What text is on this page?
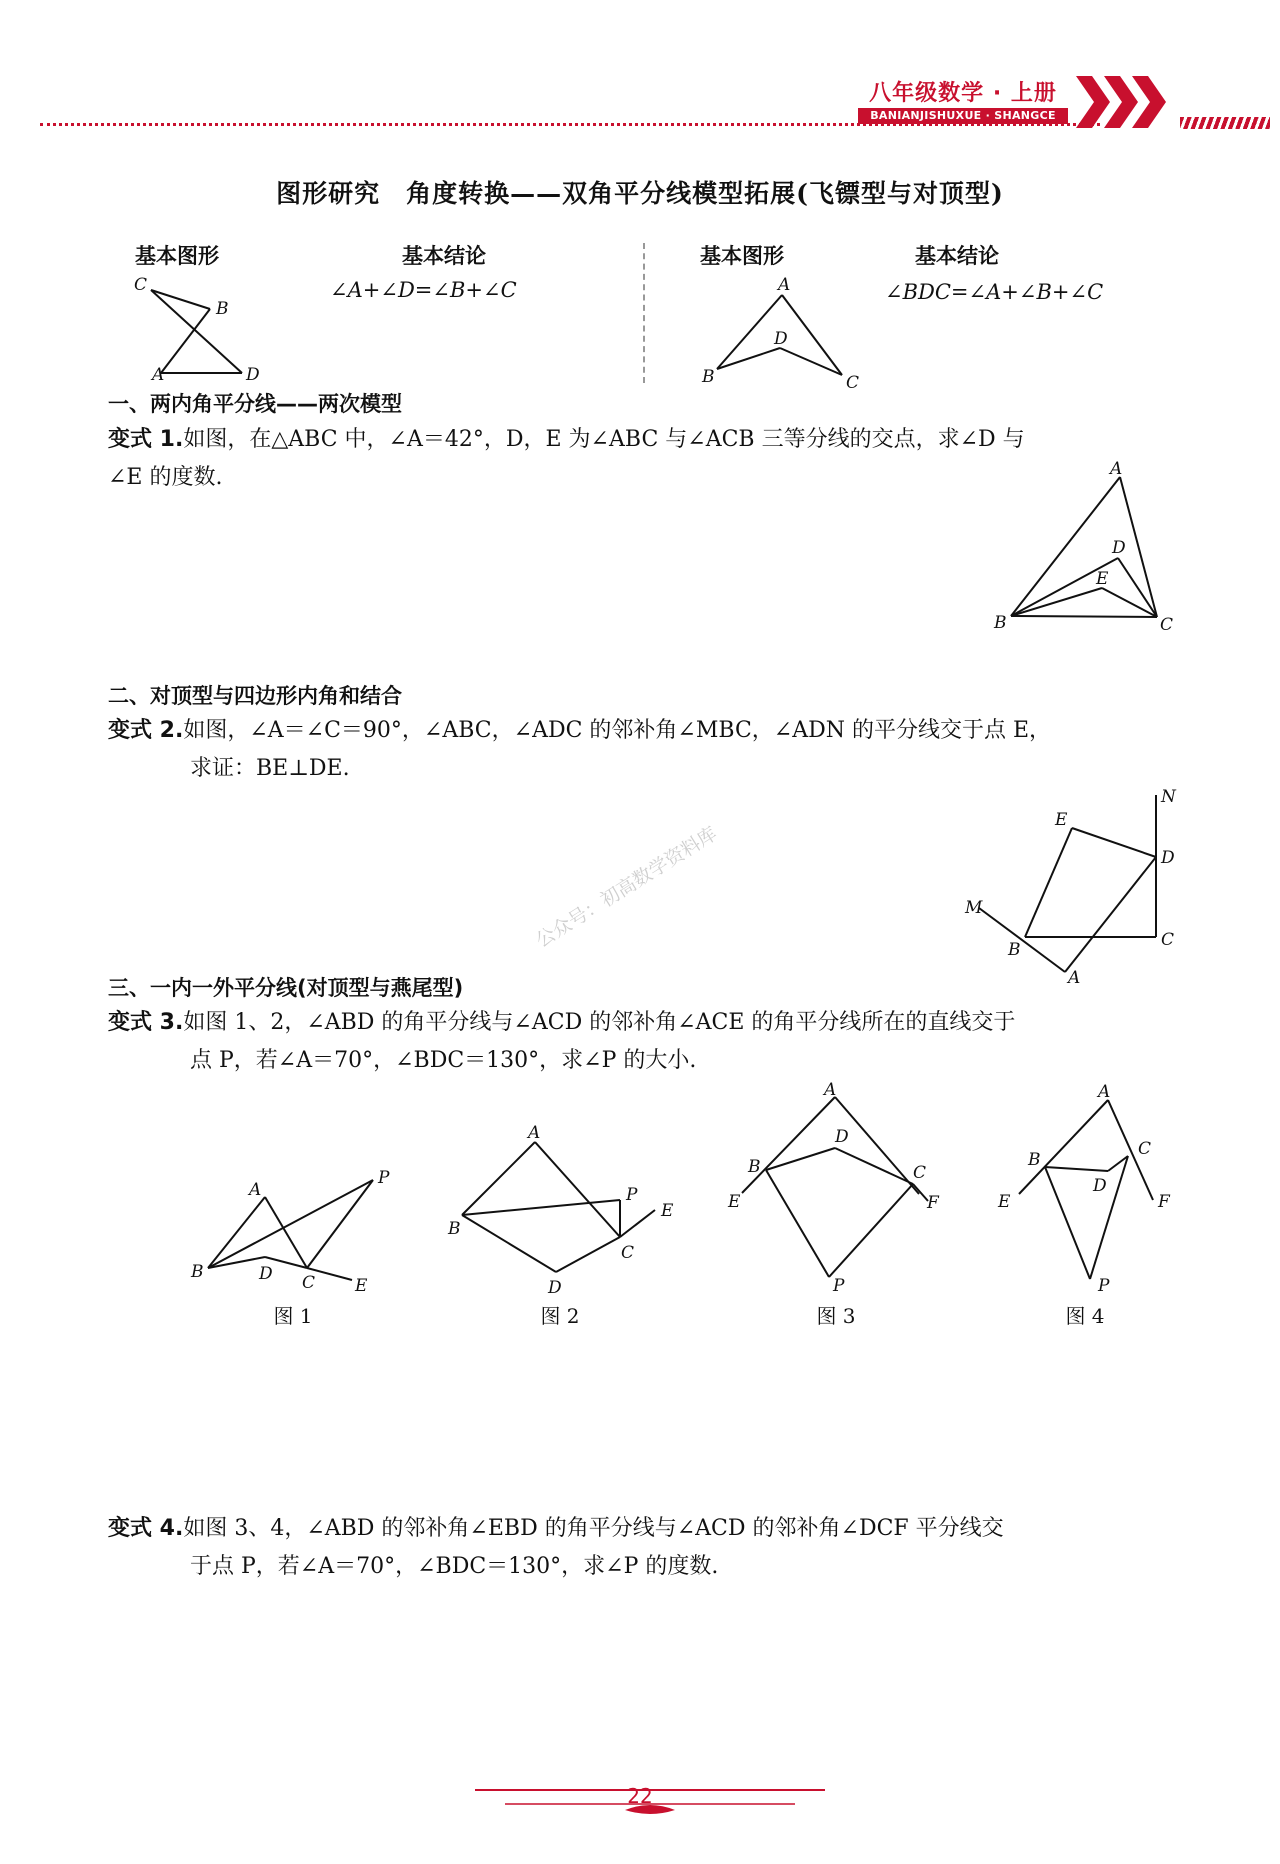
八年级数学 · 上册
BANIANJISHUXUE · SHANGCE
图形研究　角度转换——双角平分线模型拓展(飞镖型与对顶型)
基本图形	基本结论
∠A+∠D=∠B+∠C
C
B
A	D
基本图形	基本结论
∠BDC=∠A+∠B+∠C
A
B	C
D
一、两内角平分线——两次模型
变式 1.如图，在△ABC 中，∠A＝42°，D，E 为∠ABC 与∠ACB 三等分线的交点，求∠D 与
∠E 的度数.	A
B	C
D
E
二、对顶型与四边形内角和结合
变式 2.如图，∠A＝∠C＝90°，∠ABC，∠ADC 的邻补角∠MBC，∠ADN 的平分线交于点 E，
求证：BE⊥DE.
N
E
D
M
B	C
A
公众号：初高数学资料库
三、一内一外平分线(对顶型与燕尾型)
变式 3.如图 1、2，∠ABD 的角平分线与∠ACD 的邻补角∠ACE 的角平分线所在的直线交于
点 P，若∠A＝70°，∠BDC＝130°，求∠P 的大小.
A
B
C
D
E
P
图 1
A
B
C
D
E
P
图 2
A
B	C
D
E	F
P
图 3
A
B
C
D
E	F
P
图 4
变式 4.如图 3、4，∠ABD 的邻补角∠EBD 的角平分线与∠ACD 的邻补角∠DCF 平分线交
于点 P，若∠A＝70°，∠BDC＝130°，求∠P 的度数.
22
